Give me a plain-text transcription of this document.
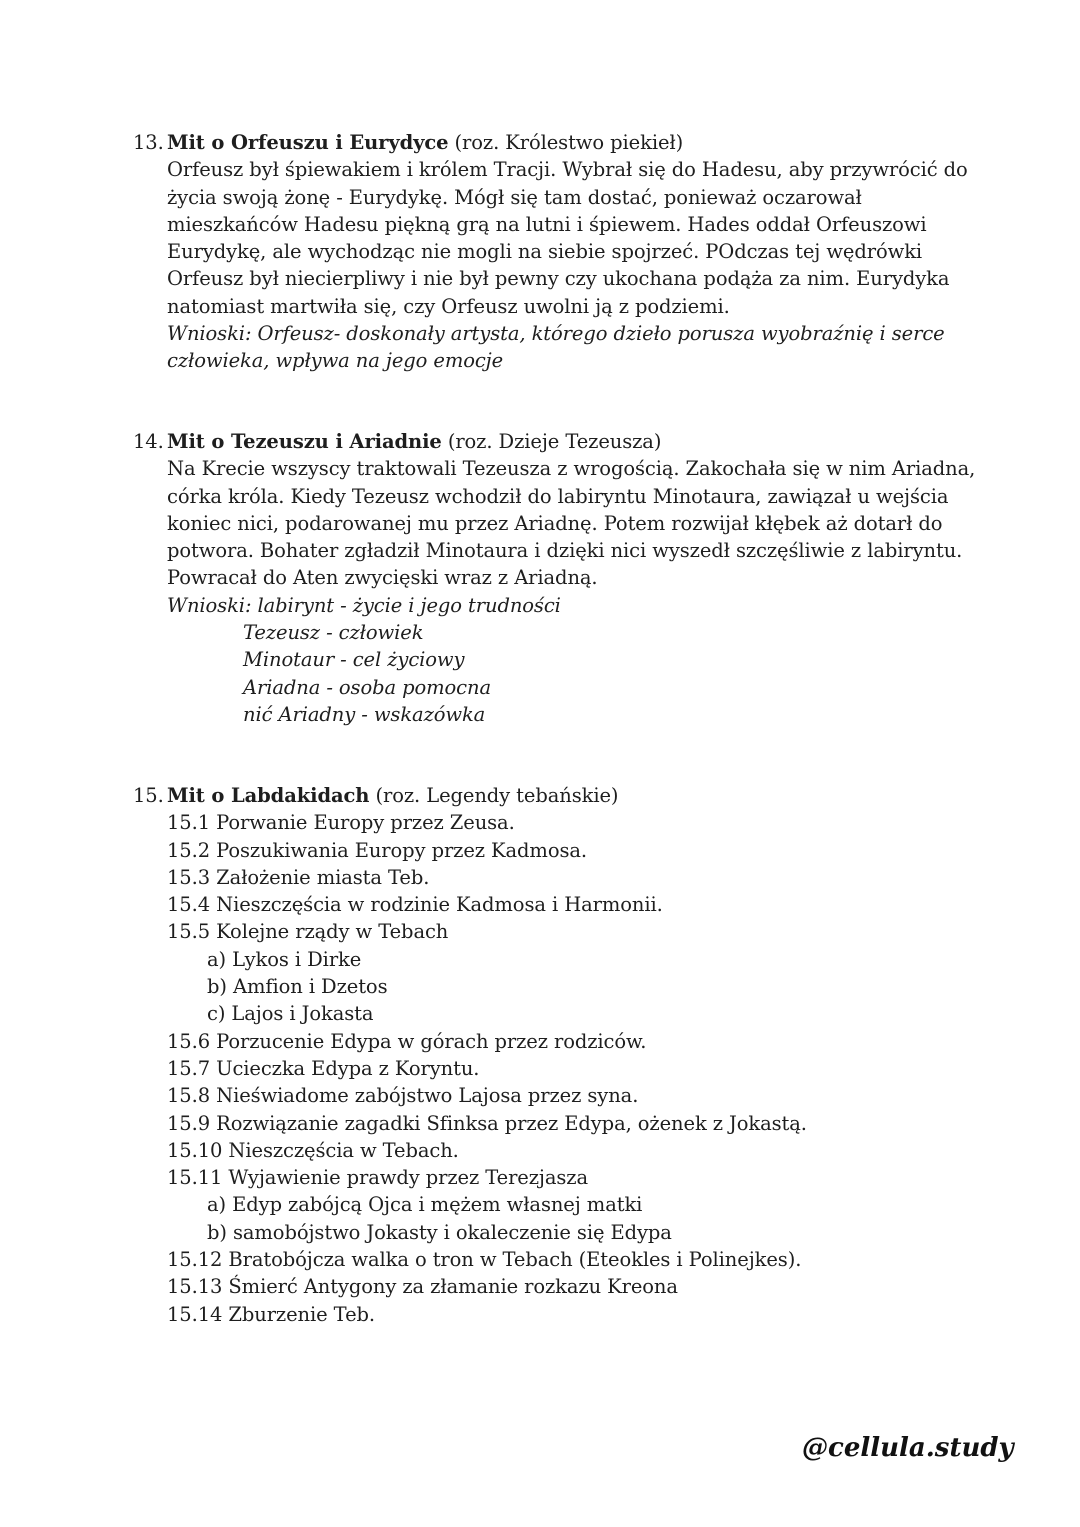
13. Mit o Orfeuszu i Eurydyce (roz. Królestwo piekieł)
Orfeusz był śpiewakiem i królem Tracji. Wybrał się do Hadesu, aby przywrócić do
życia swoją żonę - Eurydykę. Mógł się tam dostać, ponieważ oczarował
mieszkańców Hadesu piękną grą na lutni i śpiewem. Hades oddał Orfeuszowi
Eurydykę, ale wychodząc nie mogli na siebie spojrzeć. POdczas tej wędrówki
Orfeusz był niecierpliwy i nie był pewny czy ukochana podąża za nim. Eurydyka
natomiast martwiła się, czy Orfeusz uwolni ją z podziemi.
Wnioski: Orfeusz- doskonały artysta, którego dzieło porusza wyobraźnię i serce
człowieka, wpływa na jego emocje
14. Mit o Tezeuszu i Ariadnie (roz. Dzieje Tezeusza)
Na Krecie wszyscy traktowali Tezeusza z wrogością. Zakochała się w nim Ariadna,
córka króla. Kiedy Tezeusz wchodził do labiryntu Minotaura, zawiązał u wejścia
koniec nici, podarowanej mu przez Ariadnę. Potem rozwijał kłębek aż dotarł do
potwora. Bohater zgładził Minotaura i dzięki nici wyszedł szczęśliwie z labiryntu.
Powracał do Aten zwycięski wraz z Ariadną.
Wnioski: labirynt - życie i jego trudności
Tezeusz - człowiek
Minotaur - cel życiowy
Ariadna - osoba pomocna
nić Ariadny - wskazówka
15. Mit o Labdakidach (roz. Legendy tebańskie)
15.1 Porwanie Europy przez Zeusa.
15.2 Poszukiwania Europy przez Kadmosa.
15.3 Założenie miasta Teb.
15.4 Nieszczęścia w rodzinie Kadmosa i Harmonii.
15.5 Kolejne rządy w Tebach
a) Lykos i Dirke
b) Amfion i Dzetos
c) Lajos i Jokasta
15.6 Porzucenie Edypa w górach przez rodziców.
15.7 Ucieczka Edypa z Koryntu.
15.8 Nieświadome zabójstwo Lajosa przez syna.
15.9 Rozwiązanie zagadki Sfinksa przez Edypa, ożenek z Jokastą.
15.10 Nieszczęścia w Tebach.
15.11 Wyjawienie prawdy przez Terezjasza
a) Edyp zabójcą Ojca i mężem własnej matki
b) samobójstwo Jokasty i okaleczenie się Edypa
15.12 Bratobójcza walka o tron w Tebach (Eteokles i Polinejkes).
15.13 Śmierć Antygony za złamanie rozkazu Kreona
15.14 Zburzenie Teb.
@cellula.study
